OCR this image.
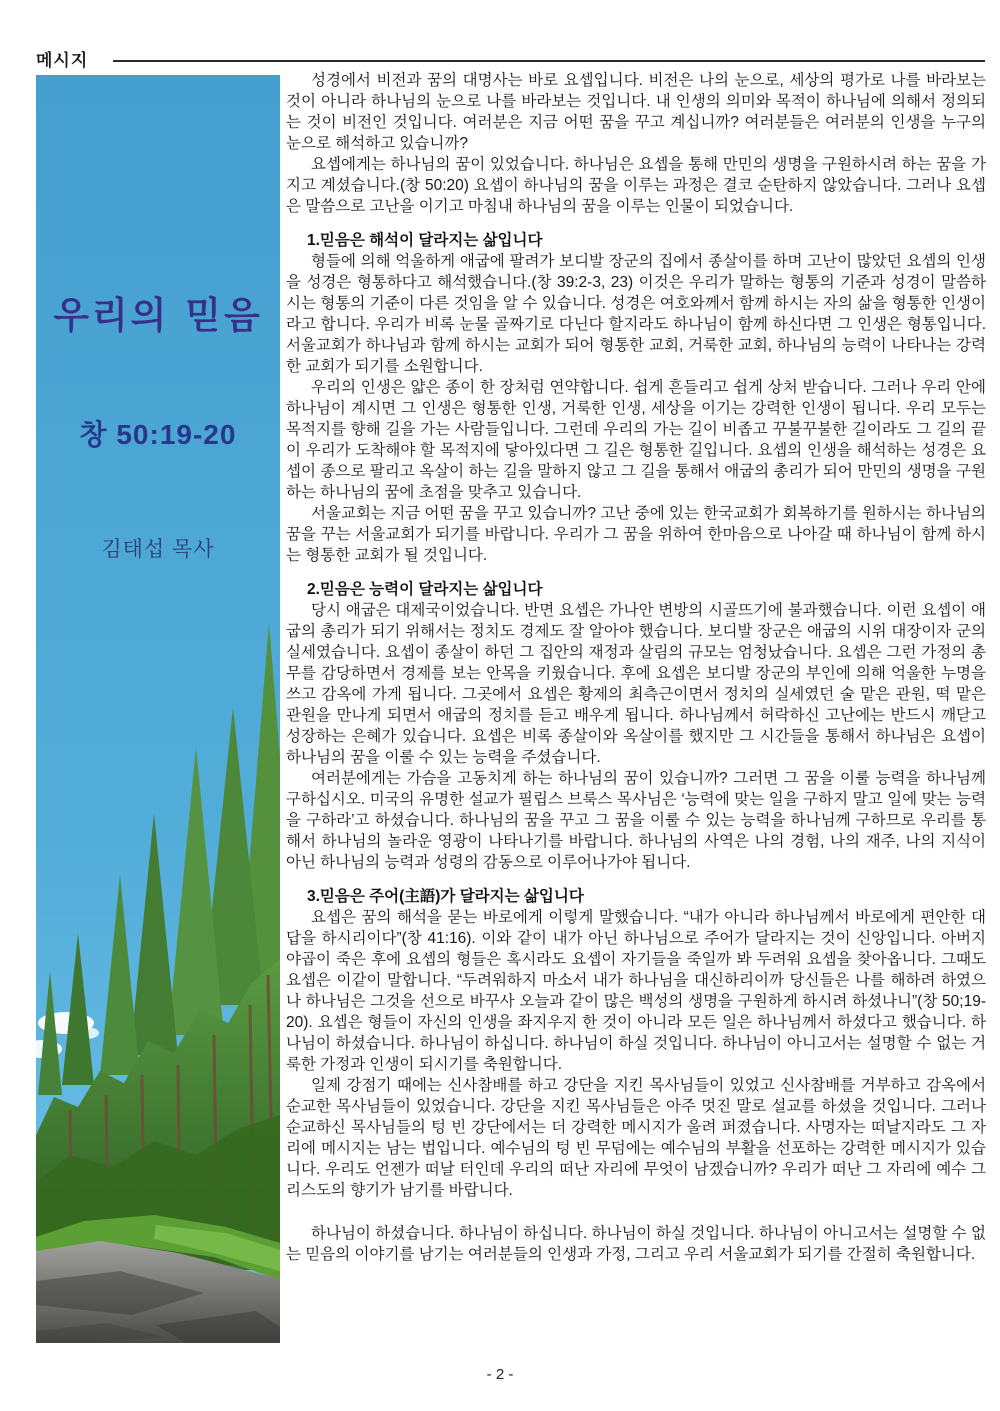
메시지
우리의 믿음
창 50:19-20
김태섭 목사

성경에서 비전과 꿈의 대명사는 바로 요셉입니다. 비전은 나의 눈으로, 세상의 평가로 나를 바라보는 것이 아니라 하나님의 눈으로 나를 바라보는 것입니다. 내 인생의 의미와 목적이 하나님에 의해서 정의되는 것이 비전인 것입니다. 여러분은 지금 어떤 꿈을 꾸고 계십니까? 여러분들은 여러분의 인생을 누구의 눈으로 해석하고 있습니까?

요셉에게는 하나님의 꿈이 있었습니다. 하나님은 요셉을 통해 만민의 생명을 구원하시려 하는 꿈을 가지고 계셨습니다.(창 50:20) 요셉이 하나님의 꿈을 이루는 과정은 결코 순탄하지 않았습니다. 그러나 요셉은 말씀으로 고난을 이기고 마침내 하나님의 꿈을 이루는 인물이 되었습니다.

1.믿음은 해석이 달라지는 삶입니다

형들에 의해 억울하게 애굽에 팔려가 보디발 장군의 집에서 종살이를 하며 고난이 많았던 요셉의 인생을 성경은 형통하다고 해석했습니다.(창 39:2-3, 23) 이것은 우리가 말하는 형통의 기준과 성경이 말씀하시는 형통의 기준이 다른 것임을 알 수 있습니다. 성경은 여호와께서 함께 하시는 자의 삶을 형통한 인생이라고 합니다. 우리가 비록 눈물 골짜기로 다닌다 할지라도 하나님이 함께 하신다면 그 인생은 형통입니다. 서울교회가 하나님과 함께 하시는 교회가 되어 형통한 교회, 거룩한 교회, 하나님의 능력이 나타나는 강력한 교회가 되기를 소원합니다.

우리의 인생은 얇은 종이 한 장처럼 연약합니다. 쉽게 흔들리고 쉽게 상처 받습니다. 그러나 우리 안에 하나님이 계시면 그 인생은 형통한 인생, 거룩한 인생, 세상을 이기는 강력한 인생이 됩니다. 우리 모두는 목적지를 향해 길을 가는 사람들입니다. 그런데 우리의 가는 길이 비좁고 꾸불꾸불한 길이라도 그 길의 끝이 우리가 도착해야 할 목적지에 닿아있다면 그 길은 형통한 길입니다. 요셉의 인생을 해석하는 성경은 요셉이 종으로 팔리고 옥살이 하는 길을 말하지 않고 그 길을 통해서 애굽의 총리가 되어 만민의 생명을 구원하는 하나님의 꿈에 초점을 맞추고 있습니다.

서울교회는 지금 어떤 꿈을 꾸고 있습니까? 고난 중에 있는 한국교회가 회복하기를 원하시는 하나님의 꿈을 꾸는 서울교회가 되기를 바랍니다. 우리가 그 꿈을 위하여 한마음으로 나아갈 때 하나님이 함께 하시는 형통한 교회가 될 것입니다.

2.믿음은 능력이 달라지는 삶입니다

당시 애굽은 대제국이었습니다. 반면 요셉은 가나안 변방의 시골뜨기에 불과했습니다. 이런 요셉이 애굽의 총리가 되기 위해서는 정치도 경제도 잘 알아야 했습니다. 보디발 장군은 애굽의 시위 대장이자 군의 실세였습니다. 요셉이 종살이 하던 그 집안의 재정과 살림의 규모는 엄청났습니다. 요셉은 그런 가정의 총무를 감당하면서 경제를 보는 안목을 키웠습니다. 후에 요셉은 보디발 장군의 부인에 의해 억울한 누명을 쓰고 감옥에 가게 됩니다. 그곳에서 요셉은 황제의 최측근이면서 정치의 실세였던 술 맡은 관원, 떡 맡은 관원을 만나게 되면서 애굽의 정치를 듣고 배우게 됩니다. 하나님께서 허락하신 고난에는 반드시 깨닫고 성장하는 은혜가 있습니다. 요셉은 비록 종살이와 옥살이를 했지만 그 시간들을 통해서 하나님은 요셉이 하나님의 꿈을 이룰 수 있는 능력을 주셨습니다.

여러분에게는 가슴을 고동치게 하는 하나님의 꿈이 있습니까? 그러면 그 꿈을 이룰 능력을 하나님께 구하십시오. 미국의 유명한 설교가 필립스 브룩스 목사님은 ‘능력에 맞는 일을 구하지 말고 일에 맞는 능력을 구하라’고 하셨습니다. 하나님의 꿈을 꾸고 그 꿈을 이룰 수 있는 능력을 하나님께 구하므로 우리를 통해서 하나님의 놀라운 영광이 나타나기를 바랍니다. 하나님의 사역은 나의 경험, 나의 재주, 나의 지식이 아닌 하나님의 능력과 성령의 감동으로 이루어나가야 됩니다.

3.믿음은 주어(主語)가 달라지는 삶입니다

요셉은 꿈의 해석을 묻는 바로에게 이렇게 말했습니다. “내가 아니라 하나님께서 바로에게 편안한 대답을 하시리이다”(창 41:16). 이와 같이 내가 아닌 하나님으로 주어가 달라지는 것이 신앙입니다. 아버지 야곱이 죽은 후에 요셉의 형들은 혹시라도 요셉이 자기들을 죽일까 봐 두려워 요셉을 찾아옵니다. 그때도 요셉은 이같이 말합니다. “두려워하지 마소서 내가 하나님을 대신하리이까 당신들은 나를 해하려 하였으나 하나님은 그것을 선으로 바꾸사 오늘과 같이 많은 백성의 생명을 구원하게 하시려 하셨나니”(창 50;19-20). 요셉은 형들이 자신의 인생을 좌지우지 한 것이 아니라 모든 일은 하나님께서 하셨다고 했습니다. 하나님이 하셨습니다. 하나님이 하십니다. 하나님이 하실 것입니다. 하나님이 아니고서는 설명할 수 없는 거룩한 가정과 인생이 되시기를 축원합니다.

일제 강점기 때에는 신사참배를 하고 강단을 지킨 목사님들이 있었고 신사참배를 거부하고 감옥에서 순교한 목사님들이 있었습니다. 강단을 지킨 목사님들은 아주 멋진 말로 설교를 하셨을 것입니다. 그러나 순교하신 목사님들의 텅 빈 강단에서는 더 강력한 메시지가 울려 퍼졌습니다. 사명자는 떠날지라도 그 자리에 메시지는 남는 법입니다. 예수님의 텅 빈 무덤에는 예수님의 부활을 선포하는 강력한 메시지가 있습니다. 우리도 언젠가 떠날 터인데 우리의 떠난 자리에 무엇이 남겠습니까? 우리가 떠난 그 자리에 예수 그리스도의 향기가 남기를 바랍니다.

하나님이 하셨습니다. 하나님이 하십니다. 하나님이 하실 것입니다. 하나님이 아니고서는 설명할 수 없는 믿음의 이야기를 남기는 여러분들의 인생과 가정, 그리고 우리 서울교회가 되기를 간절히 축원합니다.

- 2 -
